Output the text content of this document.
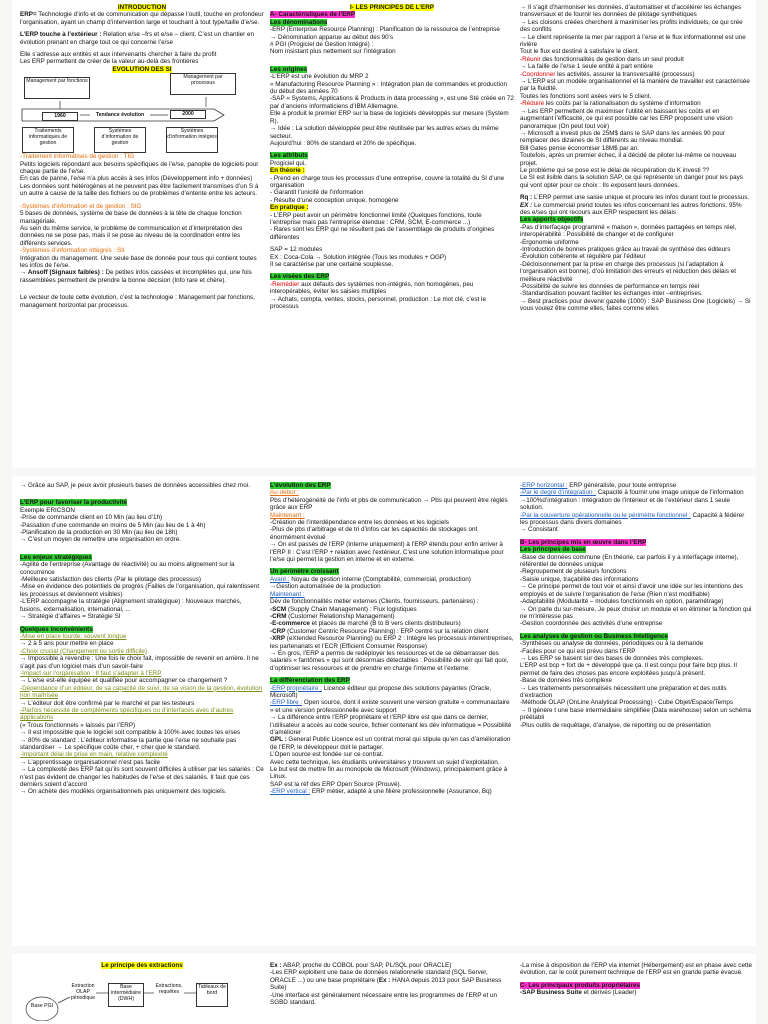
INTRODUCTION

ERP= Technologie d’info et de communication qui dépasse l’outil, touche en profondeur l’organisation, ayant un champ d’intervention large et touchant à tout type/taille d’e/se.

L’ERP touche à l’extérieur : Relation e/se –frs et e/se – client. C’est un chantier en évolution prenant en charge tout ce qui concerne l’e/se

Elle s’adresse aux entités et aux intervenants chercher à faire du profit

Les ERP permettent de créer de la valeur au-delà des frontières

EVOLUTION DES SI

Management par fonctions
Management par processus
1960	Tendance évolution	2000
Traitements informatiques de gestion
Systèmes d’information de gestion
Systèmes d’information intégrés

-Traitement informatisés de gestion : TIG

Petits logiciels répondant aux besoins spécifiques de l’e/se, panoplie de logiciels pour chaque partie de l’e/se.

En cas de panne, l’e/se n’a plus accès à ses infos (Développement info + données)

Les données sont hétérogènes et ne peuvent pas être facilement transmises d’un S à un autre à cause de la taille des fichiers ou de problèmes d’entente entre les acteurs.

-Systèmes d’information et de gestion : SIG

5 bases de données, système de base de données à la tête de chaque fonction managériale.

Au sein du même service, le problème de communication et d’interprétation des données ne se pose pas, mais il se pose au niveau de la coordination entre les différents services.

-Systèmes d’information intégrés : SII

Intégration du management. Une seule base de donnée pour tous qui contient toutes les infos de l’e/se.

→ Ansoff (Signaux faibles) : De petites infos cassées et incomplètes qui, une fois rassemblées permettent de prendre la bonne décision (Info rare et chère).

Le vecteur de toute cette évolution, c’est la technologie : Management par fonctions, management horizontal par processus.

I- LES PRINCIPES DE L’ERP

A- Caractéristiques de l’ERP

Les dénominations

-ERP (Enterprise Resource Planning) : Planification de la ressource de l’entreprise

→ Dénomination apparue au début des 90’s

# PGI (Progiciel de Gestion Intégré) :

Nom insistant plus nettement sur l’intégration

Les origines

-L’ERP est une évolution du MRP 2

« Manufacturing Resource Planning » : Intégration plan de commandes et production du début des années 70

-SAP « Systems, Applications & Products in data processing », est une Sté créée en 72 par d’anciens informaticiens d’IBM Allemagne.

Elle a produit le premier ERP sur la base de logiciels développés sur mesure (System R).

→ Idée : La solution développée peut être réutilisée par les autres e/ses du même secteur.

Aujourd’hui : 80% de standard et 20% de spécifique.

Les attributs

Progiciel qui,

En théorie :

- Prend en charge tous les processus d’une entreprise, couvre la totalité du SI d’une organisation

- Garantit l’unicité de l’information

- Résulte d’une conception unique, homogène

En pratique :

- L’ERP peut avoir un périmètre fonctionnel limité (Quelques fonctions, toute l’entreprise mais pas l’entreprise étendue : CRM, SCM, E-commerce ...)

- Rares sont les ERP qui ne résultent pas de l’assemblage de produits d’origines différentes

SAP = 12 modules

EX : Coca-Cola → Solution intégrée (Tous les modules + OGP)

Il se caractérise par une certaine souplesse.

Les visées des ERP

-Remédier aux défauts des systèmes non-intégrés, non homogènes, peu interopérables, éviter les saisies multiples

→ Achats, compta, ventes, stocks, personnel, production : Le mot clé, c’est le processus

→ Il s’agit d’harmoniser les données, d’automatiser et d’accélérer les échanges transversaux et de fournir les données de pilotage synthétiques

→ Les cloisons créées cherchent à maximiser les profits individuels, ce qui crée des conflits

→ Le client représente la mer par rapport à l’e/se et le flux informationnel est une rivière

Tout le flux est destiné à satisfaire le client.

-Réunir des fonctionnalités de gestion dans un seul produit

→ La faille de l’e/se 1 seule entité à part entière

-Coordonner les activités, assurer la transversalité (processus)

→ L’ERP est un modèle organisationnel et la manière de travailler est caractérisée par la fluidité.

Toutes les fonctions sont axées vers le 5 client.

-Réduire les coûts par la rationalisation du système d’information

→ Les ERP permettent de maximiser l’utilité en baissant les coûts et en augmentant l’efficacité, ce qui est possible car les ERP proposent une vision panoramique (On peut tout voir)

→ Microsoft a investi plus de 25M$ dans le SAP dans les années 90 pour remplacer des dizaines de SI différents au niveau mondial.

Bill Gates pense économiser 18M$ par an.

Toutefois, après un premier échec, il a décidé de piloter lui-même ce nouveau projet.

Le problème qui se pose est le délai de récupération du K investi ??

Le SI est lisible dans la solution SAP, ce qui représente un danger pour les pays qui vont opter pour ce choix : Ils exposent leurs données.

Rq : L’ERP permet une saisie unique et procure les infos durant tout le processus.

EX : Le commercial prend toutes les infos concernant les autres fonctions. 95% des e/ses qui ont recours aux ERP respectent les délais

Les apports objectifs

-Pas d’interfaçage programmé « maison », données partagées en temps réel, interopérabilité : Possibilité de changer et de configurer

-Ergonomie uniforme

-Introduction de bonnes pratiques grâce au travail de synthèse des éditeurs

-Évolution cohérente et régulière par l’éditeur

-Décloisonnement par la prise en charge des processus (si l’adaptation à l’organisation est bonne), d’où limitation des erreurs et réduction des délais et meilleure réactivité

-Possibilité de suivre les données de performance en temps réel

-Standardisation pouvant faciliter les échanges inter –entreprises.

→ Best practices pour devenir gazelle (1000) : SAP Business One (Logiciels) → Si vous voulez être comme elles, faites comme elles

→ Grâce au SAP, je peux avoir plusieurs bases de données accessibles chez moi.

L’ERP pour favoriser la productivité

Exemple ERICSON

-Prise de commande client en 10 Min (au lieu d’1h)

-Passation d’une commande en moins de 5 Min (au lieu de 1 à 4h)

-Planification de la production en 30 Min (au lieu de 18h)

→ C’est un moyen de remettre une organisation en ordre.

Les enjeux stratégiques

-Agilité de l’entreprise (Avantage de réactivité) ou au moins alignement sur la concurrence

-Meilleure satisfaction des clients (Par le pilotage des processus)

-Mise en évidence des potentiels de progrès (Failles de l’organisation, qui ralentissent les processus et deviennent visibles)

-L’ERP accompagne la stratégie (Alignement stratégique) : Nouveaux marchés, fusions, externalisation, international, ...

→ Stratégie d’affaires = Stratégie SI

Quelques inconvénients

-Mise en place lourde, souvent longue

→ 2 à 5 ans pour mettre en place

-Choix crucial (Changement ou sortie difficile)

→ Impossible à revendre : Une fois le choix fait, impossible de revenir en arrière. Il ne s’agit pas d’un logiciel mais d’un savoir-faire

-Impact sur l’organisation : Il faut s’adapter à l’ERP

→ L’e/se est-elle équipée et qualifiée pour accompagner ce changement ?

-Dépendance d’un éditeur, de sa capacité de suivi, de sa vision de la gestion, évolution non maîtrisée

→ L’éditeur doit être confirmé par le marché et par les testeurs

-Parfois nécessité de compléments spécifiques ou d’interfaces avec d’autres applications

(« Trous fonctionnels » laissés par l’ERP)

→ Il est impossible que le logiciel soit compatible à 100% avec toutes les e/ses

→ 80% de standard : L’éditeur informatise la partie que l’e/se ne souhaite pas standardiser → Le spécifique coûte cher, + cher que le standard.

-Important délai de prise en main, relative complexité

→ L’apprentissage organisationnel n’est pas facile

→ La complexité des ERP fait qu’ils sont souvent difficiles à utiliser par les salariés : Ce n’est pas évident de changer les habitudes de l’e/se et des salariés. Il faut que ces derniers soient d’accord

→ On achète des modèles organisationnels pas uniquement des logiciels.

L’évolution des ERP

Au début :

Pbs d’hétérogénéité de l’info et pbs de communication → Pbs qui peuvent être réglés grâce aux ERP

Maintenant :

-Création de l’interdépendance entre les données et les logiciels

-Plus de pbs d’arbitrage et de tri d’infos car les capacités de stockages ont énormément évolué

→ On est passés de l’ERP (Interne uniquement) à l’ERP étendu pour enfin arriver à l’ERP II : C’est l’ERP + relation avec l’extérieur. C’est une solution informatique pour l’e/se qui permet la gestion en interne et en externe.

Un périmètre croissant

Avant : Noyau de gestion interne (Comptabilité, commercial, production)

→Gestion automatisée de la production

Maintenant :

Dév de fonctionnalités métier externes (Clients, fournisseurs, partenaires) :

-SCM (Supply Chain Management) : Flux logistiques

-CRM (Customer Relationship Management)

-E-commerce et places de marché (B to B vers clients distributeurs)

-CRP (Customer Centric Resource Planning) : ERP centré sur la relation client

-XRP (eXtended Resource Planning) ou ERP 2 : Intègre les processus interentreprises, les partenariats et l’ECR (Efficient Consumer Response)

→ En gros, l’ERP a permis de redéployer les ressources et de se débarrasser des salariés « fantômes » qui sont désormais détectables : Possibilité de voir qui fait quoi, d’optimiser les ressources et de prendre en charge l’interne et l’externe.

La différenciation des ERP

-ERP propriétaire : Licence éditeur qui propose des solutions payantes (Oracle, Microsoft)

-ERP libre : Open source, dont il existe souvent une version gratuite « communautaire » et une version professionnelle avec support

→ La différence entre l’ERP propriétaire et l’ERP libre est que dans ce dernier, l’utilisateur a accès au code source, fichier contenant les dév informatique = Possibilité d’améliorer

GPL : General Public Licence est un contrat moral qui stipule qu’en cas d’amélioration de l’ERP, le développeur doit le partager.

L’Open source est fondée sur ce contrat.

Avec cette technique, les étudiants universitaires y trouvent un sujet d’exploitation.

Le but est de mettre fin au monopole de Microsoft (Windows), principalement grâce à Linux.

SAP est la réf des ERP Open Source (Prouvé).

-ERP vertical : ERP métier, adapté à une filière professionnelle (Assurance, Bq)

-ERP horizontal : ERP généraliste, pour toute entreprise

-Par le degré d’intégration : Capacité à fournir une image unique de l’information

→100%d’intégration : Intégration de l’intérieur et de l’extérieur dans 1 seule solution.

-Par la couverture opérationnelle ou le périmètre fonctionnel : Capacité à fédérer les processus dans divers domaines

→ Consistant

B- Les principes mis en œuvre dans l’ERP

Les principes de base

-Base de données commune (En théorie, car parfois il y a interfaçage interne), référentiel de données unique

-Regroupement de plusieurs fonctions

-Saisie unique, traçabilité des informations

→ Ce principe permet de tout voir et ainsi d’avoir une idée sur les intentions des employés et de suivre l’organisation de l’e/se (Rien n’est modifiable)

-Adaptabilité (Modularité – modules fonctionnels en option, paramétrage)

→ On parle du sur-mesure. Je peux choisir un module et en éliminer la fonction qui ne m’intéresse pas

-Gestion coordonnée des activités d’une entreprise

Les analyses de gestion ou Business Intelligence

-Synthèses ou analyse de données, périodiques ou à la demande

-Faciles pour ce qui est prévu dans l’ERP

→ Les ERP se basent sur des bases de données très complexes.

L’ERP est bcp + fort de + développé que ça. Il est conçu pour faire bcp plus. Il permet de faire des choses pas encore exploitées jusqu’à présent.

-Base de données très complexe

→ Les traitements personnalisés nécessitent une préparation et des outils d’extraction

-Méthode OLAP (OnLine Analytical Processing) - Cube Objet/Espace/Temps

→ Il génère t une base intermédiaire simplifiée (Data warehouse) selon un schéma préétabli

-Plus outils de requêtage, d’analyse, de reporting ou de présentation

Le principe des extractions

Base PGI
Extraction OLAP périodique
Base intermédiaire (DWH)
Extractions, requêtes
Tableaux de bord

Ex : ABAP, proche du COBOL pour SAP, PL/SQL pour ORACLE)

-Les ERP exploitent une base de données relationnelle standard (SQL Server, ORACLE ...) ou une base propriétaire (Ex : HANA depuis 2013 pour SAP Business Suite)

-Une interface est généralement nécessaire entre les programmes de l’ERP et un SGBD standard.

-La mise à disposition de l’ERP via internet (Hébergement) est en phase avec cette évolution, car le coût purement technique de l’ERP est en grande partie évacué.

C- Les principaux produits propriétaires

-SAP Business Suite et dérivés (Leader)
